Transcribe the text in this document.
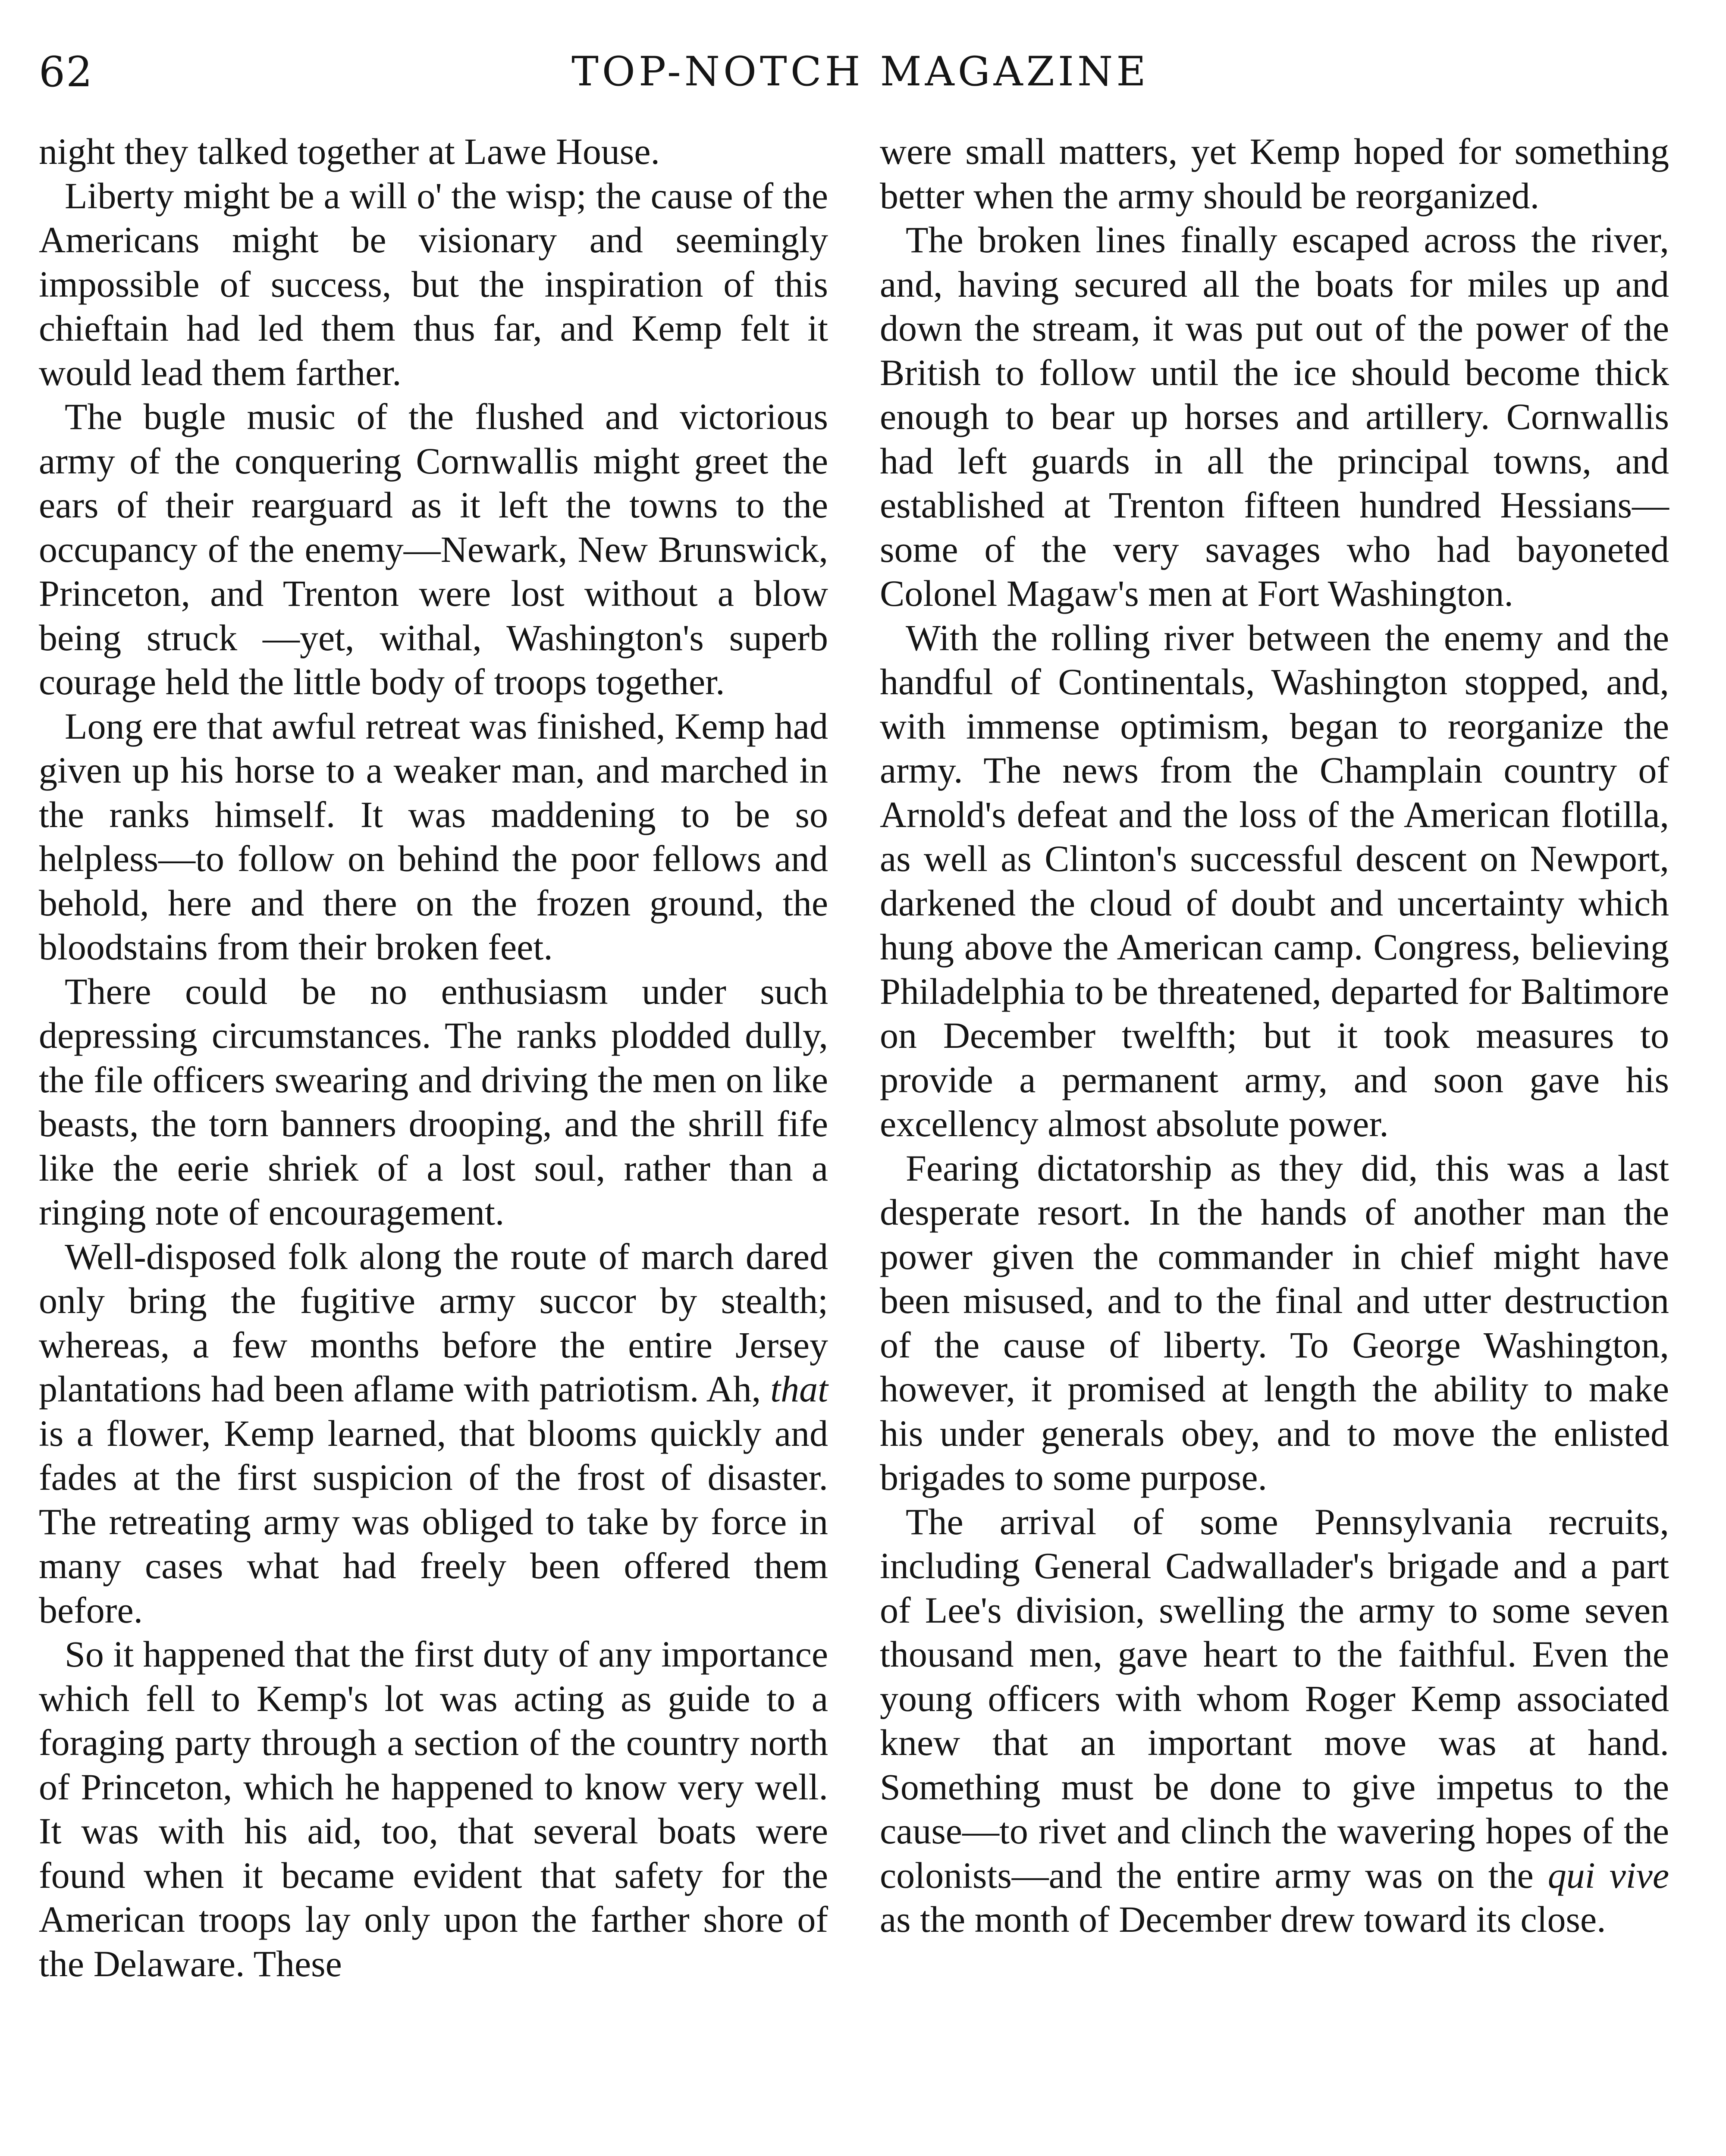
62	TOP-NOTCH MAGAZINE

night they talked together at Lawe House.

Liberty might be a will o' the wisp; the cause of the Americans might be visionary and seemingly impossible of success, but the inspiration of this chieftain had led them thus far, and Kemp felt it would lead them farther.

The bugle music of the flushed and victorious army of the conquering Cornwallis might greet the ears of their rearguard as it left the towns to the occupancy of the enemy—Newark, New Brunswick, Princeton, and Trenton were lost without a blow being struck —yet, withal, Washington's superb courage held the little body of troops together.

Long ere that awful retreat was finished, Kemp had given up his horse to a weaker man, and marched in the ranks himself. It was maddening to be so helpless—to follow on behind the poor fellows and behold, here and there on the frozen ground, the bloodstains from their broken feet.

There could be no enthusiasm under such depressing circumstances. The ranks plodded dully, the file officers swearing and driving the men on like beasts, the torn banners drooping, and the shrill fife like the eerie shriek of a lost soul, rather than a ringing note of encouragement.

Well-disposed folk along the route of march dared only bring the fugitive army succor by stealth; whereas, a few months before the entire Jersey plantations had been aflame with patriotism. Ah, that is a flower, Kemp learned, that blooms quickly and fades at the first suspicion of the frost of disaster. The retreating army was obliged to take by force in many cases what had freely been offered them before.

So it happened that the first duty of any importance which fell to Kemp's lot was acting as guide to a foraging party through a section of the country north of Princeton, which he happened to know very well. It was with his aid, too, that several boats were found when it became evident that safety for the American troops lay only upon the farther shore of the Delaware. These

were small matters, yet Kemp hoped for something better when the army should be reorganized.

The broken lines finally escaped across the river, and, having secured all the boats for miles up and down the stream, it was put out of the power of the British to follow until the ice should become thick enough to bear up horses and artillery. Cornwallis had left guards in all the principal towns, and established at Trenton fifteen hundred Hessians—some of the very savages who had bayoneted Colonel Magaw's men at Fort Washington.

With the rolling river between the enemy and the handful of Continentals, Washington stopped, and, with immense optimism, began to reorganize the army. The news from the Champlain country of Arnold's defeat and the loss of the American flotilla, as well as Clinton's successful descent on Newport, darkened the cloud of doubt and uncertainty which hung above the American camp. Congress, believing Philadelphia to be threatened, departed for Baltimore on December twelfth; but it took measures to provide a permanent army, and soon gave his excellency almost absolute power.

Fearing dictatorship as they did, this was a last desperate resort. In the hands of another man the power given the commander in chief might have been misused, and to the final and utter destruction of the cause of liberty. To George Washington, however, it promised at length the ability to make his under generals obey, and to move the enlisted brigades to some purpose.

The arrival of some Pennsylvania recruits, including General Cadwallader's brigade and a part of Lee's division, swelling the army to some seven thousand men, gave heart to the faithful. Even the young officers with whom Roger Kemp associated knew that an important move was at hand. Something must be done to give impetus to the cause—to rivet and clinch the wavering hopes of the colonists—and the entire army was on the qui vive as the month of December drew toward its close.
